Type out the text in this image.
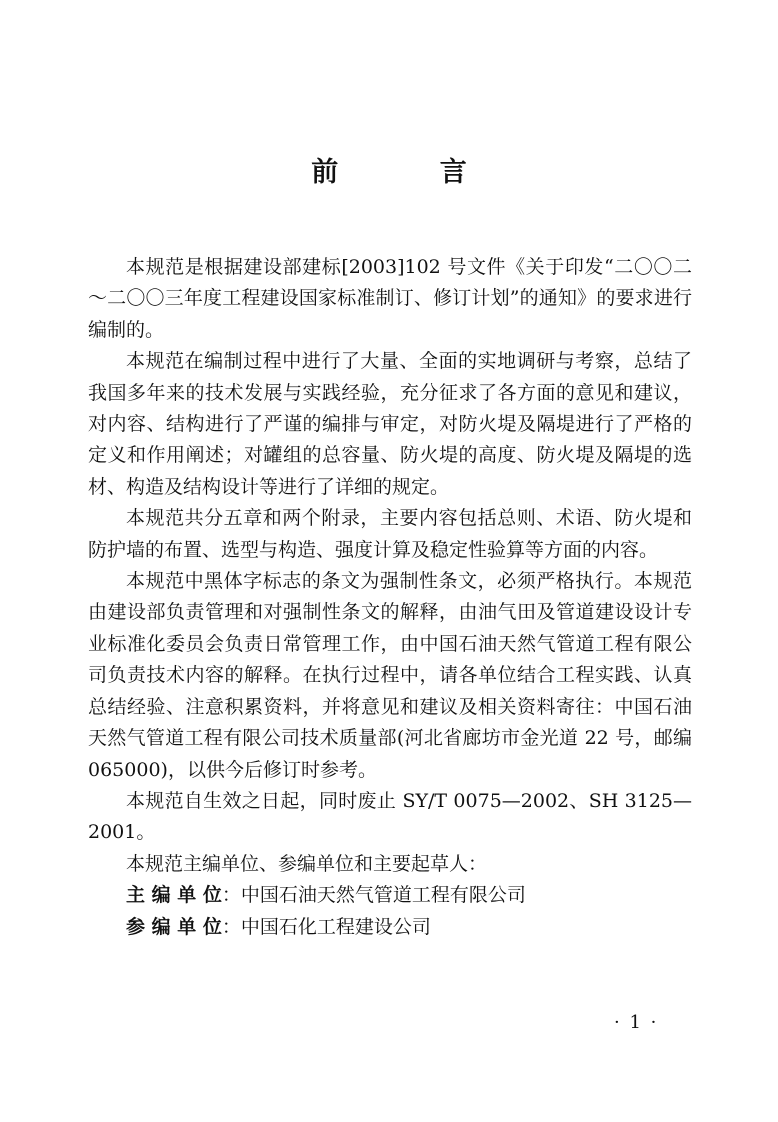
前 言

本规范是根据建设部建标[2003]102 号文件《关于印发“二〇〇二～二〇〇三年度工程建设国家标准制订、修订计划”的通知》的要求进行编制的。

本规范在编制过程中进行了大量、全面的实地调研与考察，总结了我国多年来的技术发展与实践经验，充分征求了各方面的意见和建议，对内容、结构进行了严谨的编排与审定，对防火堤及隔堤进行了严格的定义和作用阐述；对罐组的总容量、防火堤的高度、防火堤及隔堤的选材、构造及结构设计等进行了详细的规定。

本规范共分五章和两个附录，主要内容包括总则、术语、防火堤和防护墙的布置、选型与构造、强度计算及稳定性验算等方面的内容。

本规范中黑体字标志的条文为强制性条文，必须严格执行。本规范由建设部负责管理和对强制性条文的解释，由油气田及管道建设设计专业标准化委员会负责日常管理工作，由中国石油天然气管道工程有限公司负责技术内容的解释。在执行过程中，请各单位结合工程实践、认真总结经验、注意积累资料，并将意见和建议及相关资料寄往：中国石油天然气管道工程有限公司技术质量部(河北省廊坊市金光道 22 号，邮编 065000)，以供今后修订时参考。

本规范自生效之日起，同时废止 SY/T 0075—2002、SH 3125—2001。

本规范主编单位、参编单位和主要起草人：

主 编 单 位：中国石油天然气管道工程有限公司

参 编 单 位：中国石化工程建设公司

· 1 ·
